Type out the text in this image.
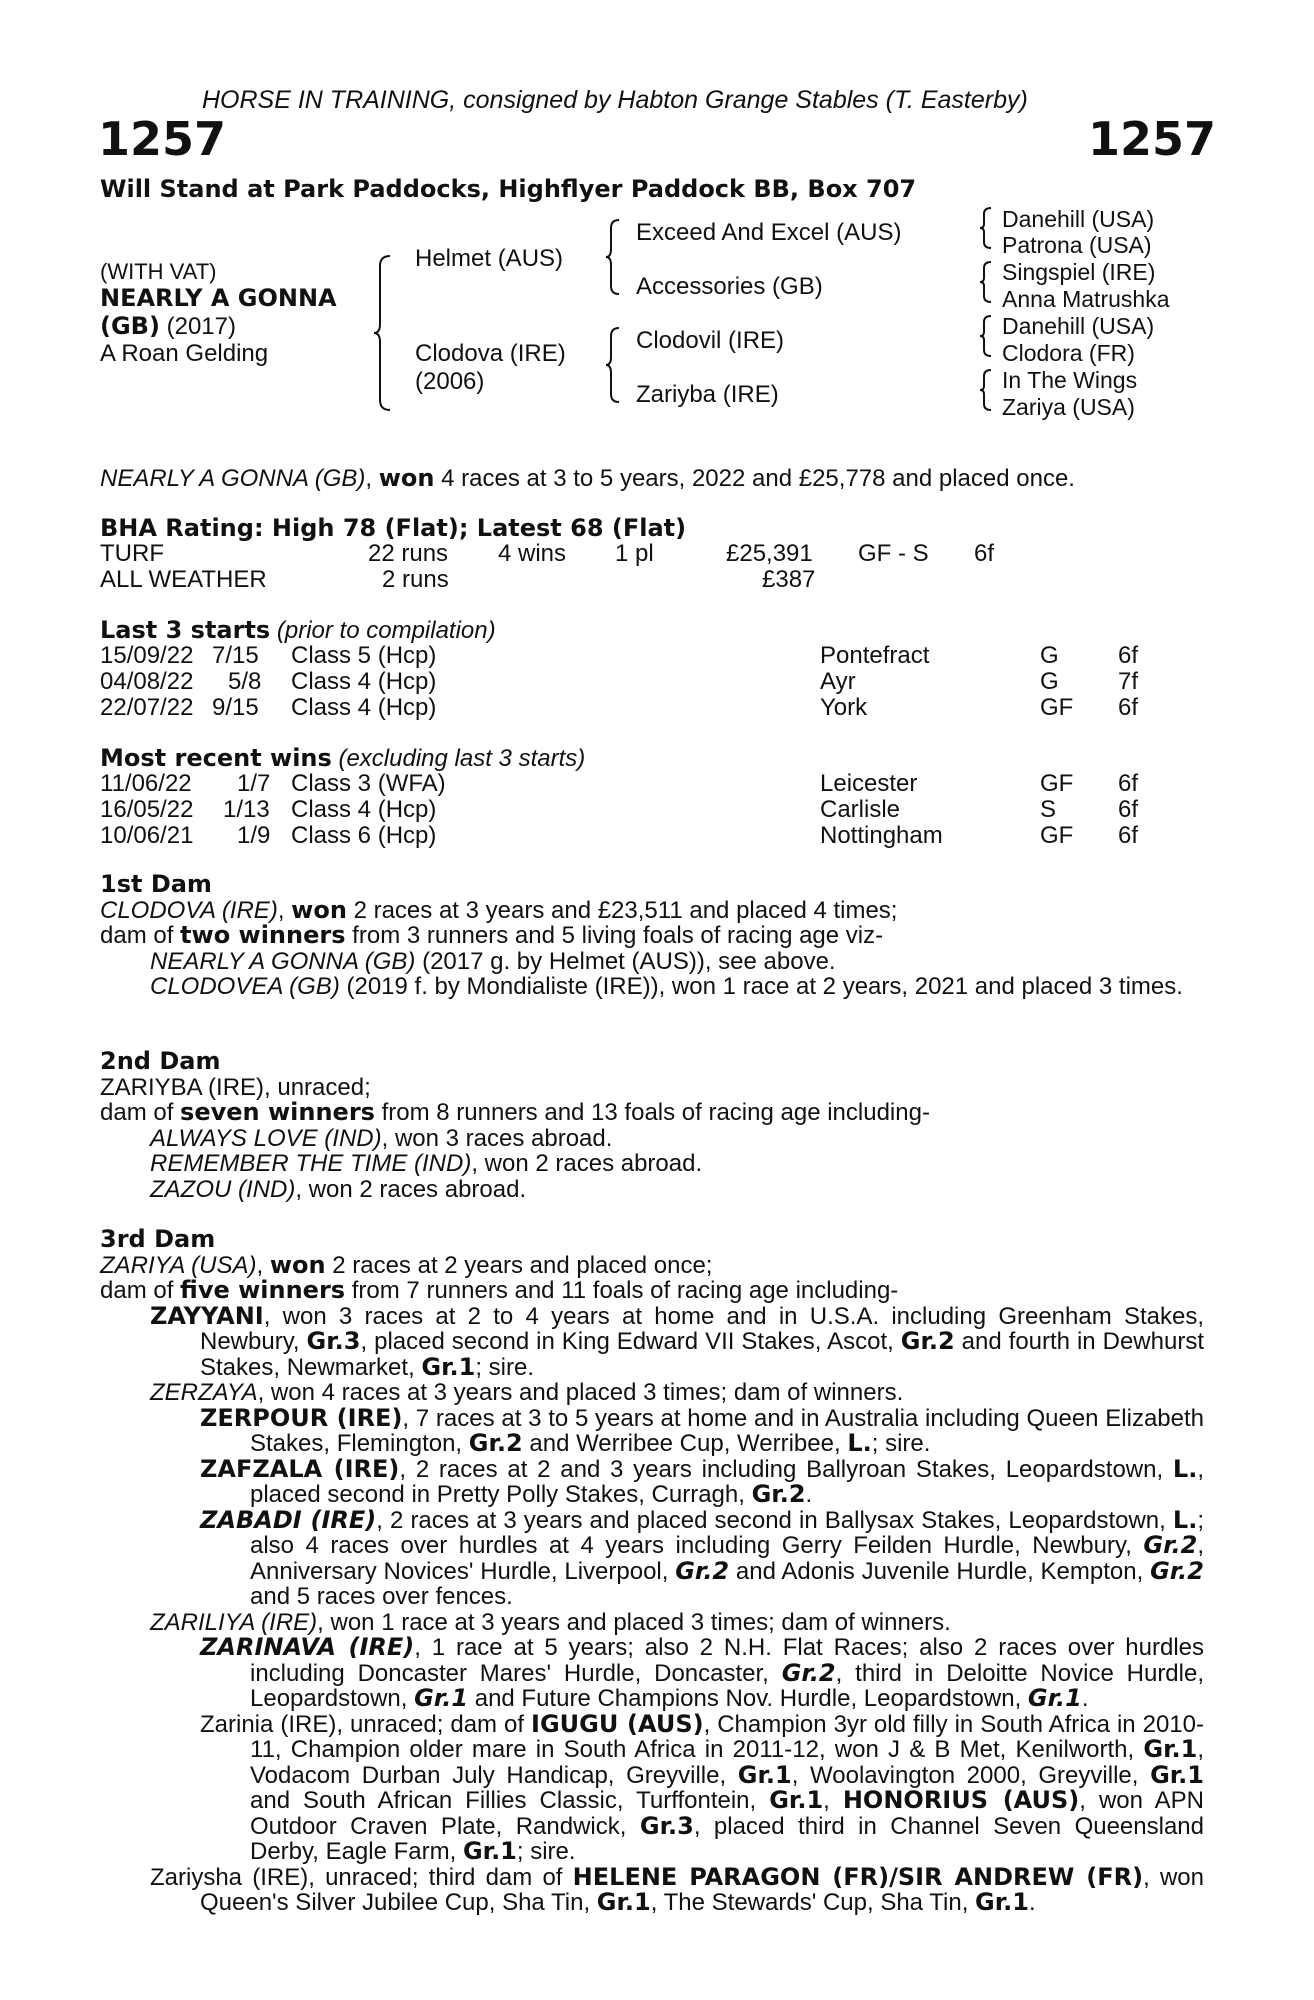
HORSE IN TRAINING, consigned by Habton Grange Stables (T. Easterby)
1257	1257
Will Stand at Park Paddocks, Highflyer Paddock BB, Box 707
(WITH VAT)
NEARLY A GONNA
(GB) (2017)
A Roan Gelding
Helmet (AUS)
Clodova (IRE)
(2006)
Exceed And Excel (AUS)
Accessories (GB)
Clodovil (IRE)
Zariyba (IRE)
Danehill (USA)
Patrona (USA)
Singspiel (IRE)
Anna Matrushka
Danehill (USA)
Clodora (FR)
In The Wings
Zariya (USA)
NEARLY A GONNA (GB), won 4 races at 3 to 5 years, 2022 and £25,778 and placed once.
BHA Rating: High 78 (Flat); Latest 68 (Flat)
TURF	22 runs 4 wins 1 pl	£25,391 GF - S 6f
ALL WEATHER	2 runs	£387
Last 3 starts (prior to compilation)
15/09/22 7/15 Class 5 (Hcp)	Pontefract	G 6f
04/08/22 5/8 Class 4 (Hcp)	Ayr	G 7f
22/07/22 9/15 Class 4 (Hcp)	York	GF 6f
Most recent wins (excluding last 3 starts)
11/06/22 1/7 Class 3 (WFA)	Leicester	GF 6f
16/05/22 1/13 Class 4 (Hcp)	Carlisle	S	6f
10/06/21 1/9 Class 6 (Hcp)	Nottingham	GF 6f

1st Dam

CLODOVA (IRE), won 2 races at 3 years and £23,511 and placed 4 times;

dam of two winners from 3 runners and 5 living foals of racing age viz-

NEARLY A GONNA (GB) (2017 g. by Helmet (AUS)), see above.

CLODOVEA (GB) (2019 f. by Mondialiste (IRE)), won 1 race at 2 years, 2021 and placed 3 times.

2nd Dam

ZARIYBA (IRE), unraced;

dam of seven winners from 8 runners and 13 foals of racing age including-

ALWAYS LOVE (IND), won 3 races abroad.

REMEMBER THE TIME (IND), won 2 races abroad.

ZAZOU (IND), won 2 races abroad.

3rd Dam

ZARIYA (USA), won 2 races at 2 years and placed once;

dam of five winners from 7 runners and 11 foals of racing age including-

ZAYYANI, won 3 races at 2 to 4 years at home and in U.S.A. including Greenham Stakes, Newbury, Gr.3, placed second in King Edward VII Stakes, Ascot, Gr.2 and fourth in Dewhurst Stakes, Newmarket, Gr.1; sire.

ZERZAYA, won 4 races at 3 years and placed 3 times; dam of winners.

ZERPOUR (IRE), 7 races at 3 to 5 years at home and in Australia including Queen Elizabeth Stakes, Flemington, Gr.2 and Werribee Cup, Werribee, L.; sire.

ZAFZALA (IRE), 2 races at 2 and 3 years including Ballyroan Stakes, Leopardstown, L., placed second in Pretty Polly Stakes, Curragh, Gr.2.

ZABADI (IRE), 2 races at 3 years and placed second in Ballysax Stakes, Leopardstown, L.; also 4 races over hurdles at 4 years including Gerry Feilden Hurdle, Newbury, Gr.2, Anniversary Novices' Hurdle, Liverpool, Gr.2 and Adonis Juvenile Hurdle, Kempton, Gr.2 and 5 races over fences.

ZARILIYA (IRE), won 1 race at 3 years and placed 3 times; dam of winners.

ZARINAVA (IRE), 1 race at 5 years; also 2 N.H. Flat Races; also 2 races over hurdles including Doncaster Mares' Hurdle, Doncaster, Gr.2, third in Deloitte Novice Hurdle, Leopardstown, Gr.1 and Future Champions Nov. Hurdle, Leopardstown, Gr.1.

Zarinia (IRE), unraced; dam of IGUGU (AUS), Champion 3yr old filly in South Africa in 2010-11, Champion older mare in South Africa in 2011-12, won J & B Met, Kenilworth, Gr.1, Vodacom Durban July Handicap, Greyville, Gr.1, Woolavington 2000, Greyville, Gr.1 and South African Fillies Classic, Turffontein, Gr.1, HONORIUS (AUS), won APN Outdoor Craven Plate, Randwick, Gr.3, placed third in Channel Seven Queensland Derby, Eagle Farm, Gr.1; sire.

Zariysha (IRE), unraced; third dam of HELENE PARAGON (FR)/SIR ANDREW (FR), won Queen's Silver Jubilee Cup, Sha Tin, Gr.1, The Stewards' Cup, Sha Tin, Gr.1.
